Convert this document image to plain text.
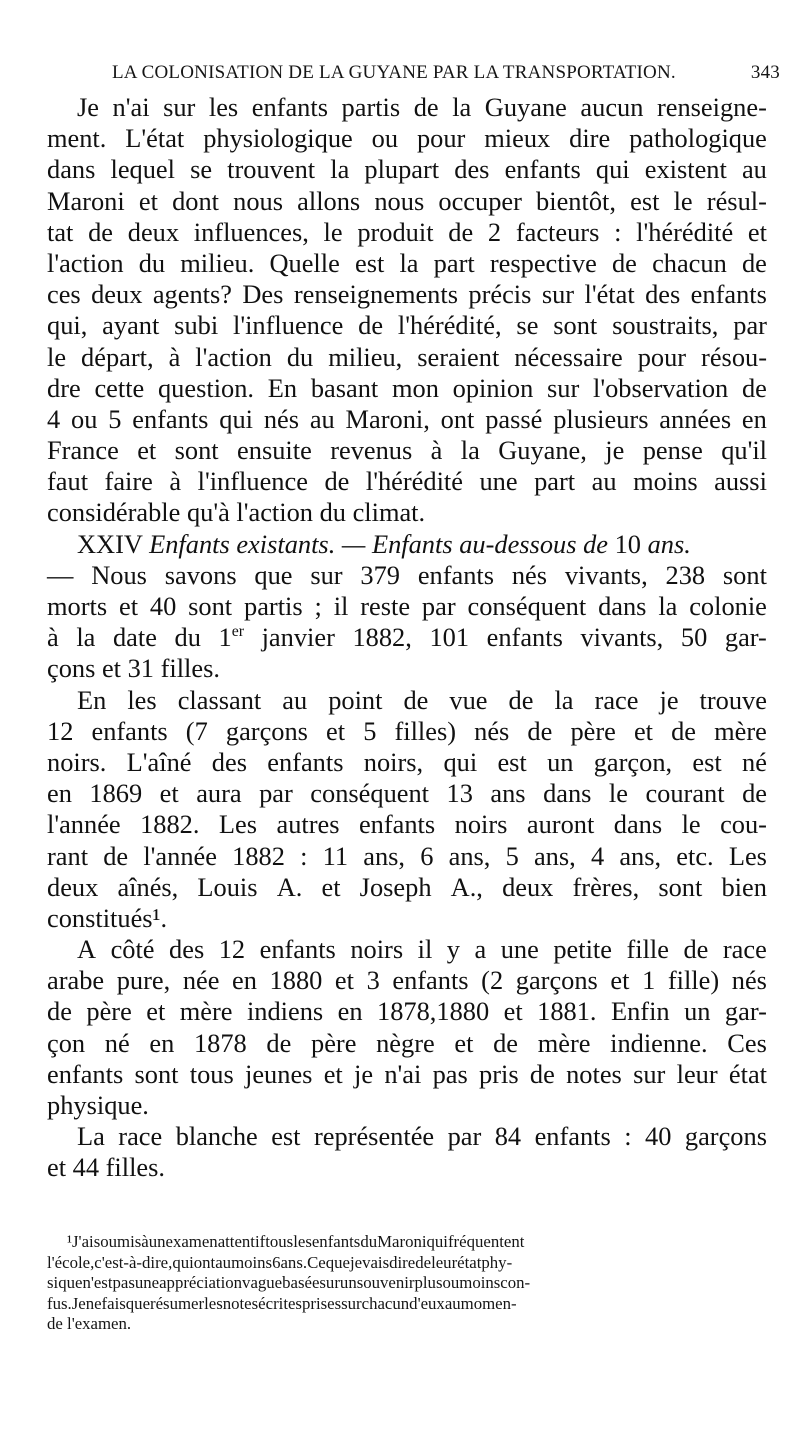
LA COLONISATION DE LA GUYANE PAR LA TRANSPORTATION.	343
Je n'ai sur les enfants partis de la Guyane aucun renseigne-
ment. L'état physiologique ou pour mieux dire pathologique
dans lequel se trouvent la plupart des enfants qui existent au
Maroni et dont nous allons nous occuper bientôt, est le résul-
tat de deux influences, le produit de 2 facteurs : l'hérédité et
l'action du milieu. Quelle est la part respective de chacun de
ces deux agents? Des renseignements précis sur l'état des enfants
qui, ayant subi l'influence de l'hérédité, se sont soustraits, par
le départ, à l'action du milieu, seraient nécessaire pour résou-
dre cette question. En basant mon opinion sur l'observation de
4 ou 5 enfants qui nés au Maroni, ont passé plusieurs années en
France et sont ensuite revenus à la Guyane, je pense qu'il
faut faire à l'influence de l'hérédité une part au moins aussi
considérable qu'à l'action du climat.
XXIV Enfants existants. — Enfants au-dessous de 10 ans.
— Nous savons que sur 379 enfants nés vivants, 238 sont
morts et 40 sont partis ; il reste par conséquent dans la colonie
à la date du 1er janvier 1882, 101 enfants vivants, 50 gar-
çons et 31 filles.
En les classant au point de vue de la race je trouve
12 enfants (7 garçons et 5 filles) nés de père et de mère
noirs. L'aîné des enfants noirs, qui est un garçon, est né
en 1869 et aura par conséquent 13 ans dans le courant de
l'année 1882. Les autres enfants noirs auront dans le cou-
rant de l'année 1882 : 11 ans, 6 ans, 5 ans, 4 ans, etc. Les
deux aînés, Louis A. et Joseph A., deux frères, sont bien
constitués¹.
A côté des 12 enfants noirs il y a une petite fille de race
arabe pure, née en 1880 et 3 enfants (2 garçons et 1 fille) nés
de père et mère indiens en 1878,1880 et 1881. Enfin un gar-
çon né en 1878 de père nègre et de mère indienne. Ces
enfants sont tous jeunes et je n'ai pas pris de notes sur leur état
physique.
La race blanche est représentée par 84 enfants : 40 garçons
et 44 filles.
¹J'aisoumisàunexamenattentiftouslesenfantsduMaroniquifréquentent
l'école,c'est-à-dire,quiontaumoins6ans.Cequejevaisdiredeleurétatphy-
siquen'estpasuneappréciationvaguebaséesurunsouvenirplusoumoinscon-
fus.Jenefaisquerésumerlesnotesécritesprisessurchacund'euxaumomen-
de l'examen.
